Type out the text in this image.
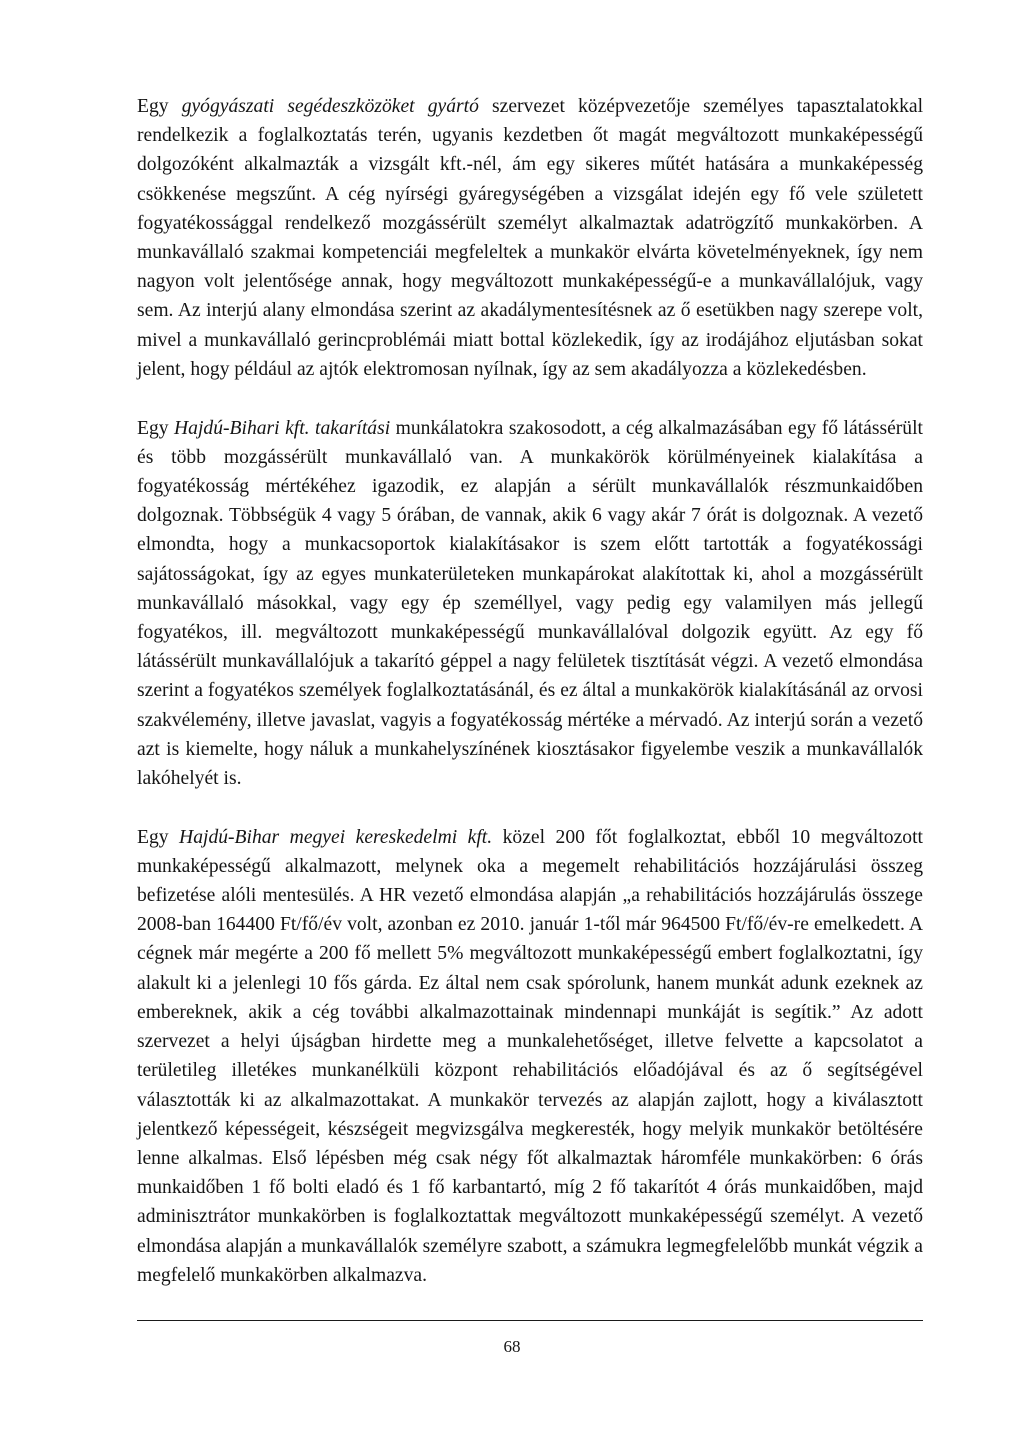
Egy gyógyászati segédeszközöket gyártó szervezet középvezetője személyes tapasztalatokkal rendelkezik a foglalkoztatás terén, ugyanis kezdetben őt magát megváltozott munkaképességű dolgozóként alkalmazták a vizsgált kft.-nél, ám egy sikeres műtét hatására a munkaképesség csökkenése megszűnt. A cég nyírségi gyáregységében a vizsgálat idején egy fő vele született fogyatékossággal rendelkező mozgássérült személyt alkalmaztak adatrögzítő munkakörben. A munkavállaló szakmai kompetenciái megfeleltek a munkakör elvárta követelményeknek, így nem nagyon volt jelentősége annak, hogy megváltozott munkaképességű-e a munkavállalójuk, vagy sem. Az interjú alany elmondása szerint az akadálymentesítésnek az ő esetükben nagy szerepe volt, mivel a munkavállaló gerincproblémái miatt bottal közlekedik, így az irodájához eljutásban sokat jelent, hogy például az ajtók elektromosan nyílnak, így az sem akadályozza a közlekedésben.

Egy Hajdú-Bihari kft. takarítási munkálatokra szakosodott, a cég alkalmazásában egy fő látássérült és több mozgássérült munkavállaló van. A munkakörök körülményeinek kialakítása a fogyatékosság mértékéhez igazodik, ez alapján a sérült munkavállalók részmunkaidőben dolgoznak. Többségük 4 vagy 5 órában, de vannak, akik 6 vagy akár 7 órát is dolgoznak. A vezető elmondta, hogy a munkacsoportok kialakításakor is szem előtt tartották a fogyatékossági sajátosságokat, így az egyes munkaterületeken munkapárokat alakítottak ki, ahol a mozgássérült munkavállaló másokkal, vagy egy ép személlyel, vagy pedig egy valamilyen más jellegű fogyatékos, ill. megváltozott munkaképességű munkavállalóval dolgozik együtt. Az egy fő látássérült munkavállalójuk a takarító géppel a nagy felületek tisztítását végzi. A vezető elmondása szerint a fogyatékos személyek foglalkoztatásánál, és ez által a munkakörök kialakításánál az orvosi szakvélemény, illetve javaslat, vagyis a fogyatékosság mértéke a mérvadó. Az interjú során a vezető azt is kiemelte, hogy náluk a munkahelyszínének kiosztásakor figyelembe veszik a munkavállalók lakóhelyét is.

Egy Hajdú-Bihar megyei kereskedelmi kft. közel 200 főt foglalkoztat, ebből 10 megváltozott munkaképességű alkalmazott, melynek oka a megemelt rehabilitációs hozzájárulási összeg befizetése alóli mentesülés. A HR vezető elmondása alapján „a rehabilitációs hozzájárulás összege 2008-ban 164400 Ft/fő/év volt, azonban ez 2010. január 1-től már 964500 Ft/fő/év-re emelkedett. A cégnek már megérte a 200 fő mellett 5% megváltozott munkaképességű embert foglalkoztatni, így alakult ki a jelenlegi 10 fős gárda. Ez által nem csak spórolunk, hanem munkát adunk ezeknek az embereknek, akik a cég további alkalmazottainak mindennapi munkáját is segítik.” Az adott szervezet a helyi újságban hirdette meg a munkalehetőséget, illetve felvette a kapcsolatot a területileg illetékes munkanélküli központ rehabilitációs előadójával és az ő segítségével választották ki az alkalmazottakat. A munkakör tervezés az alapján zajlott, hogy a kiválasztott jelentkező képességeit, készségeit megvizsgálva megkeresték, hogy melyik munkakör betöltésére lenne alkalmas. Első lépésben még csak négy főt alkalmaztak háromféle munkakörben: 6 órás munkaidőben 1 fő bolti eladó és 1 fő karbantartó, míg 2 fő takarítót 4 órás munkaidőben, majd adminisztrátor munkakörben is foglalkoztattak megváltozott munkaképességű személyt. A vezető elmondása alapján a munkavállalók személyre szabott, a számukra legmegfelelőbb munkát végzik a megfelelő munkakörben alkalmazva.

68
